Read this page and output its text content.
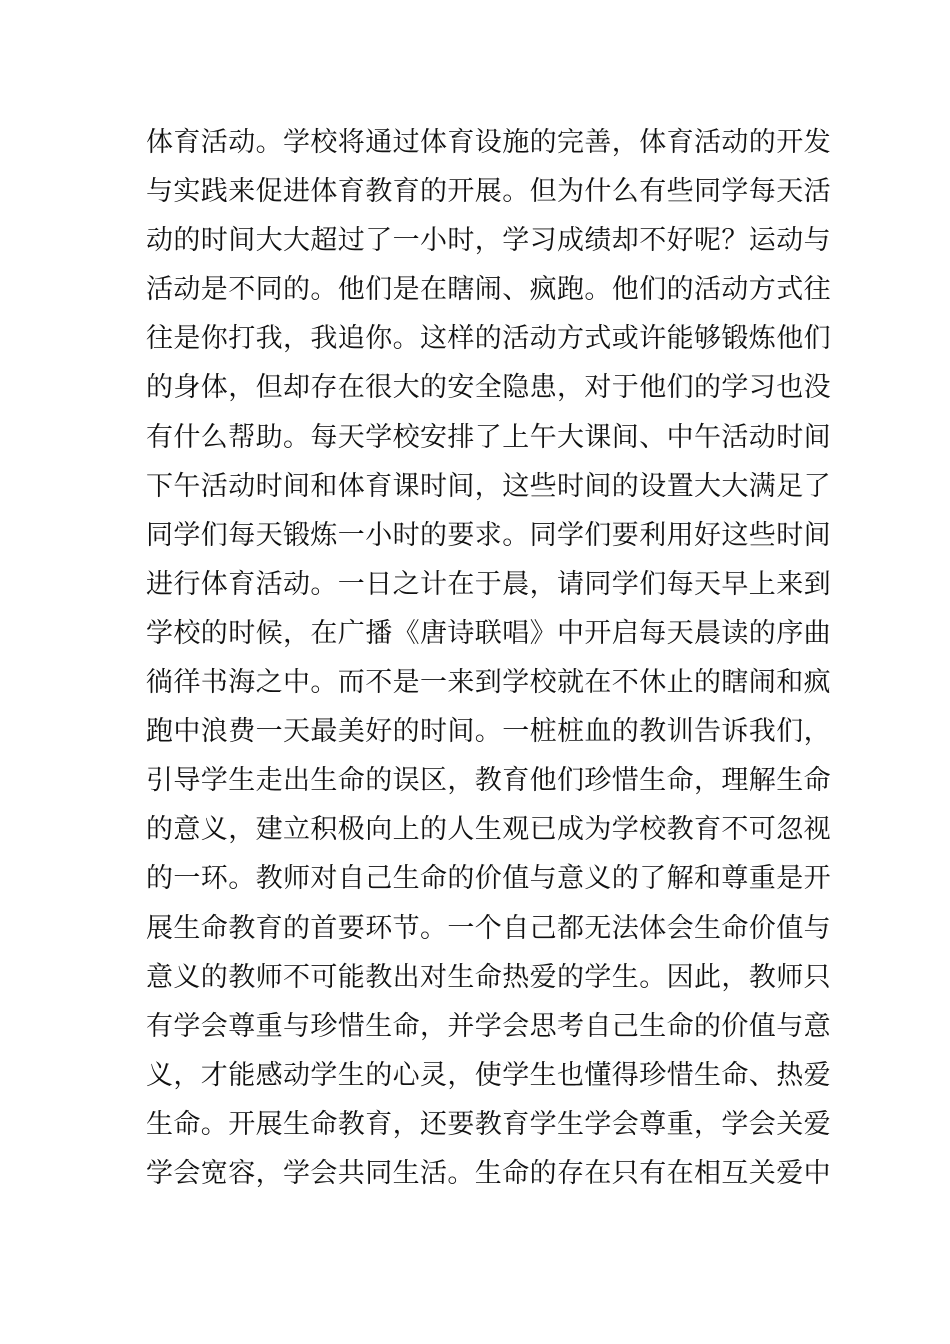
体育活动。学校将通过体育设施的完善，体育活动的开发
与实践来促进体育教育的开展。但为什么有些同学每天活
动的时间大大超过了一小时，学习成绩却不好呢？运动与
活动是不同的。他们是在瞎闹、疯跑。他们的活动方式往
往是你打我，我追你。这样的活动方式或许能够锻炼他们
的身体，但却存在很大的安全隐患，对于他们的学习也没
有什么帮助。每天学校安排了上午大课间、中午活动时间
下午活动时间和体育课时间，这些时间的设置大大满足了
同学们每天锻炼一小时的要求。同学们要利用好这些时间
进行体育活动。一日之计在于晨，请同学们每天早上来到
学校的时候，在广播《唐诗联唱》中开启每天晨读的序曲
徜徉书海之中。而不是一来到学校就在不休止的瞎闹和疯
跑中浪费一天最美好的时间。一桩桩血的教训告诉我们，
引导学生走出生命的误区，教育他们珍惜生命，理解生命
的意义，建立积极向上的人生观已成为学校教育不可忽视
的一环。教师对自己生命的价值与意义的了解和尊重是开
展生命教育的首要环节。一个自己都无法体会生命价值与
意义的教师不可能教出对生命热爱的学生。因此，教师只
有学会尊重与珍惜生命，并学会思考自己生命的价值与意
义，才能感动学生的心灵，使学生也懂得珍惜生命、热爱
生命。开展生命教育，还要教育学生学会尊重，学会关爱
学会宽容，学会共同生活。生命的存在只有在相互关爱中
